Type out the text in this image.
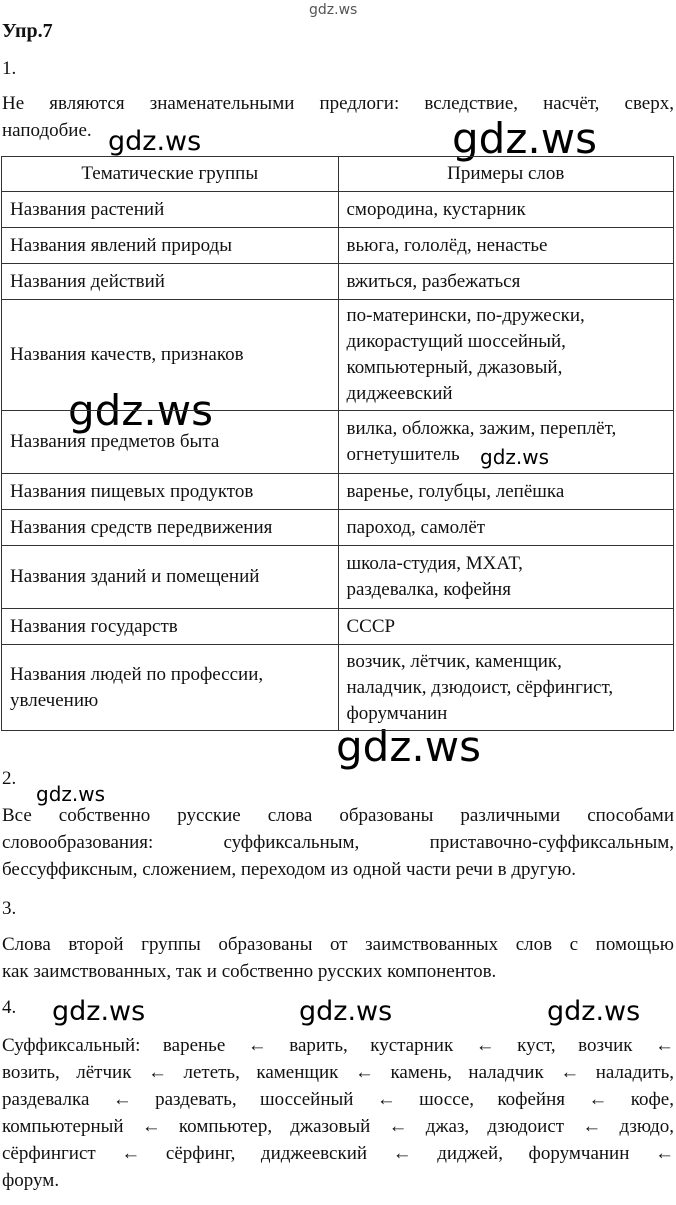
gdz.ws
gdz.ws	gdz.ws
gdz.ws
gdz.ws
gdz.ws
gdz.ws
gdz.ws	gdz.ws	gdz.ws
Упр.7
1.
Не являются знаменательными предлоги: вследствие, насчёт, сверх,
наподобие.
Тематические группы	Примеры слов
Названия растений	смородина, кустарник
Названия явлений природы	вьюга, гололёд, ненастье
Названия действий	вжиться, разбежаться
Названия качеств, признаков	по-матерински, по-дружески,
дикорастущий шоссейный,
компьютерный, джазовый,
диджеевский

Названия предметов быта	вилка, обложка, зажим, переплёт,
огнетушитель

Названия пищевых продуктов	варенье, голубцы, лепёшка
Названия средств передвижения	пароход, самолёт
Названия зданий и помещений	школа-студия, МХАТ,
раздевалка, кофейня

Названия государств	СССР
Названия людей по профессии, увлечению	возчик, лётчик, каменщик,
наладчик, дзюдоист, сёрфингист,
форумчанин
2.
Все собственно русские слова образованы различными способами
словообразования: суффиксальным, приставочно-суффиксальным,
бессуффиксным, сложением, переходом из одной части речи в другую.
3.
Слова второй группы образованы от заимствованных слов с помощью
как заимствованных, так и собственно русских компонентов.
4.
Суффиксальный: варенье ← варить, кустарник ← куст, возчик ←
возить, лётчик ← лететь, каменщик ← камень, наладчик ← наладить,
раздевалка ← раздевать, шоссейный ← шоссе, кофейня ← кофе,
компьютерный ← компьютер, джазовый ← джаз, дзюдоист ← дзюдо,
сёрфингист ← сёрфинг, диджеевский ← диджей, форумчанин ←
форум.
